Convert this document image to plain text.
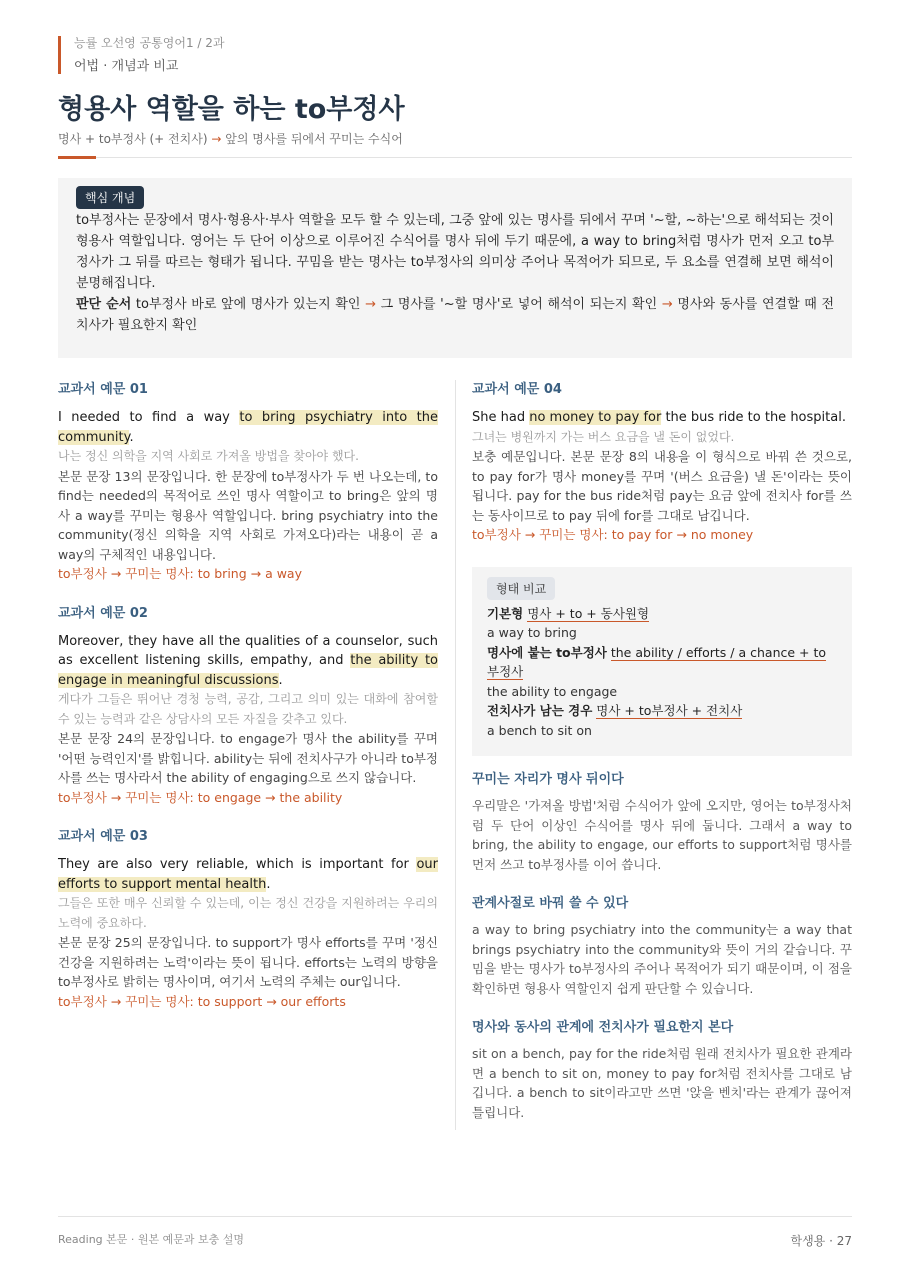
능률 오선영 공통영어1 / 2과
어법 · 개념과 비교
형용사 역할을 하는 to부정사
명사 + to부정사 (+ 전치사) → 앞의 명사를 뒤에서 꾸미는 수식어
핵심 개념

to부정사는 문장에서 명사·형용사·부사 역할을 모두 할 수 있는데, 그중 앞에 있는 명사를 뒤에서 꾸며 '~할, ~하는'으로 해석되는 것이 형용사 역할입니다. 영어는 두 단어 이상으로 이루어진 수식어를 명사 뒤에 두기 때문에, a way to bring처럼 명사가 먼저 오고 to부정사가 그 뒤를 따르는 형태가 됩니다. 꾸밈을 받는 명사는 to부정사의 의미상 주어나 목적어가 되므로, 두 요소를 연결해 보면 해석이 분명해집니다.

판단 순서 to부정사 바로 앞에 명사가 있는지 확인 → 그 명사를 '~할 명사'로 넣어 해석이 되는지 확인 → 명사와 동사를 연결할 때 전치사가 필요한지 확인

교과서 예문 01

I needed to find a way to bring psychiatry into the community.

나는 정신 의학을 지역 사회로 가져올 방법을 찾아야 했다.

본문 문장 13의 문장입니다. 한 문장에 to부정사가 두 번 나오는데, to find는 needed의 목적어로 쓰인 명사 역할이고 to bring은 앞의 명사 a way를 꾸미는 형용사 역할입니다. bring psychiatry into the community(정신 의학을 지역 사회로 가져오다)라는 내용이 곧 a way의 구체적인 내용입니다.

to부정사 → 꾸미는 명사: to bring → a way

교과서 예문 02

Moreover, they have all the qualities of a counselor, such as excellent listening skills, empathy, and the ability to engage in meaningful discussions.

게다가 그들은 뛰어난 경청 능력, 공감, 그리고 의미 있는 대화에 참여할 수 있는 능력과 같은 상담사의 모든 자질을 갖추고 있다.

본문 문장 24의 문장입니다. to engage가 명사 the ability를 꾸며 '어떤 능력인지'를 밝힙니다. ability는 뒤에 전치사구가 아니라 to부정사를 쓰는 명사라서 the ability of engaging으로 쓰지 않습니다.

to부정사 → 꾸미는 명사: to engage → the ability

교과서 예문 03

They are also very reliable, which is important for our efforts to support mental health.

그들은 또한 매우 신뢰할 수 있는데, 이는 정신 건강을 지원하려는 우리의 노력에 중요하다.

본문 문장 25의 문장입니다. to support가 명사 efforts를 꾸며 '정신 건강을 지원하려는 노력'이라는 뜻이 됩니다. efforts는 노력의 방향을 to부정사로 밝히는 명사이며, 여기서 노력의 주체는 our입니다.

to부정사 → 꾸미는 명사: to support → our efforts

교과서 예문 04

She had no money to pay for the bus ride to the hospital.

그녀는 병원까지 가는 버스 요금을 낼 돈이 없었다.

보충 예문입니다. 본문 문장 8의 내용을 이 형식으로 바꿔 쓴 것으로, to pay for가 명사 money를 꾸며 '(버스 요금을) 낼 돈'이라는 뜻이 됩니다. pay for the bus ride처럼 pay는 요금 앞에 전치사 for를 쓰는 동사이므로 to pay 뒤에 for를 그대로 남깁니다.

to부정사 → 꾸미는 명사: to pay for → no money

형태 비교

기본형 명사 + to + 동사원형

a way to bring

명사에 붙는 to부정사 the ability / efforts / a chance + to부정사

the ability to engage

전치사가 남는 경우 명사 + to부정사 + 전치사

a bench to sit on

꾸미는 자리가 명사 뒤이다

우리말은 '가져올 방법'처럼 수식어가 앞에 오지만, 영어는 to부정사처럼 두 단어 이상인 수식어를 명사 뒤에 둡니다. 그래서 a way to bring, the ability to engage, our efforts to support처럼 명사를 먼저 쓰고 to부정사를 이어 씁니다.

관계사절로 바꿔 쓸 수 있다

a way to bring psychiatry into the community는 a way that brings psychiatry into the community와 뜻이 거의 같습니다. 꾸밈을 받는 명사가 to부정사의 주어나 목적어가 되기 때문이며, 이 점을 확인하면 형용사 역할인지 쉽게 판단할 수 있습니다.

명사와 동사의 관계에 전치사가 필요한지 본다

sit on a bench, pay for the ride처럼 원래 전치사가 필요한 관계라면 a bench to sit on, money to pay for처럼 전치사를 그대로 남깁니다. a bench to sit이라고만 쓰면 '앉을 벤치'라는 관계가 끊어져 틀립니다.

Reading 본문 · 원본 예문과 보충 설명	학생용 · 27
